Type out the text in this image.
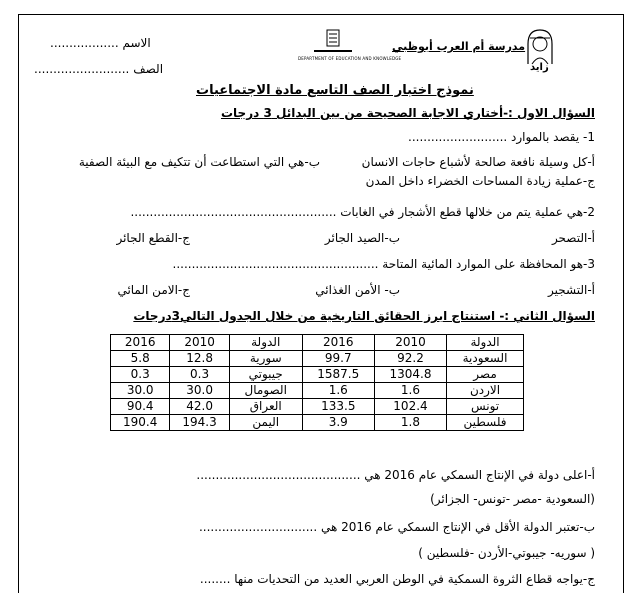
زايد
مدرسة أم العرب أبوظبي
DEPARTMENT OF EDUCATION AND KNOWLEDGE
الاسم ..................
الصف .........................
نموذج اختبار الصف التاسع مادة الاجتماعيات
السؤال الاول :-أختاري الاجابة الصحيحة من بين البدائل 3 درجات
1- يقصد بالموارد ..........................
أ-كل وسيلة نافعة صالحة لأشباع حاجات الانسان
ب-هي التي استطاعت أن تتكيف مع البيئة الصفية
ج-عملية زيادة المساحات الخضراء داخل المدن
2-هي عملية يتم من خلالها قطع الأشجار في الغابات ......................................................
أ-التصحر
ب-الصيد الجائر
ج-القطع الجائر
3-هو المحافظة على الموارد المائية المتاحة ......................................................
أ-التشجير
ب- الأمن الغذائي
ج-الامن المائي
السؤال الثاني :- استنتاج ابرز الحقائق التاريخية من خلال الجدول التالي3درجات
الدولة	2010	2016	الدولة	2010	2016
السعودية	92.2	99.7	سورية	12.8	5.8
مصر	1304.8	1587.5	جيبوتي	0.3	0.3
الاردن	1.6	1.6	الصومال	30.0	30.0
تونس	102.4	133.5	العراق	42.0	90.4
فلسطين	1.8	3.9	اليمن	194.3	190.4
أ-اعلى دولة في الإنتاج السمكي عام 2016 هي ...........................................
(السعودية -مصر -تونس- الجزائر)
ب-تعتبر الدولة الأقل في الإنتاج السمكي عام 2016 هي ...............................
( سوريه- جيبوتي-الأردن -فلسطين )
ج-يواجه قطاع الثروة السمكية في الوطن العربي العديد من التحديات منها ........
